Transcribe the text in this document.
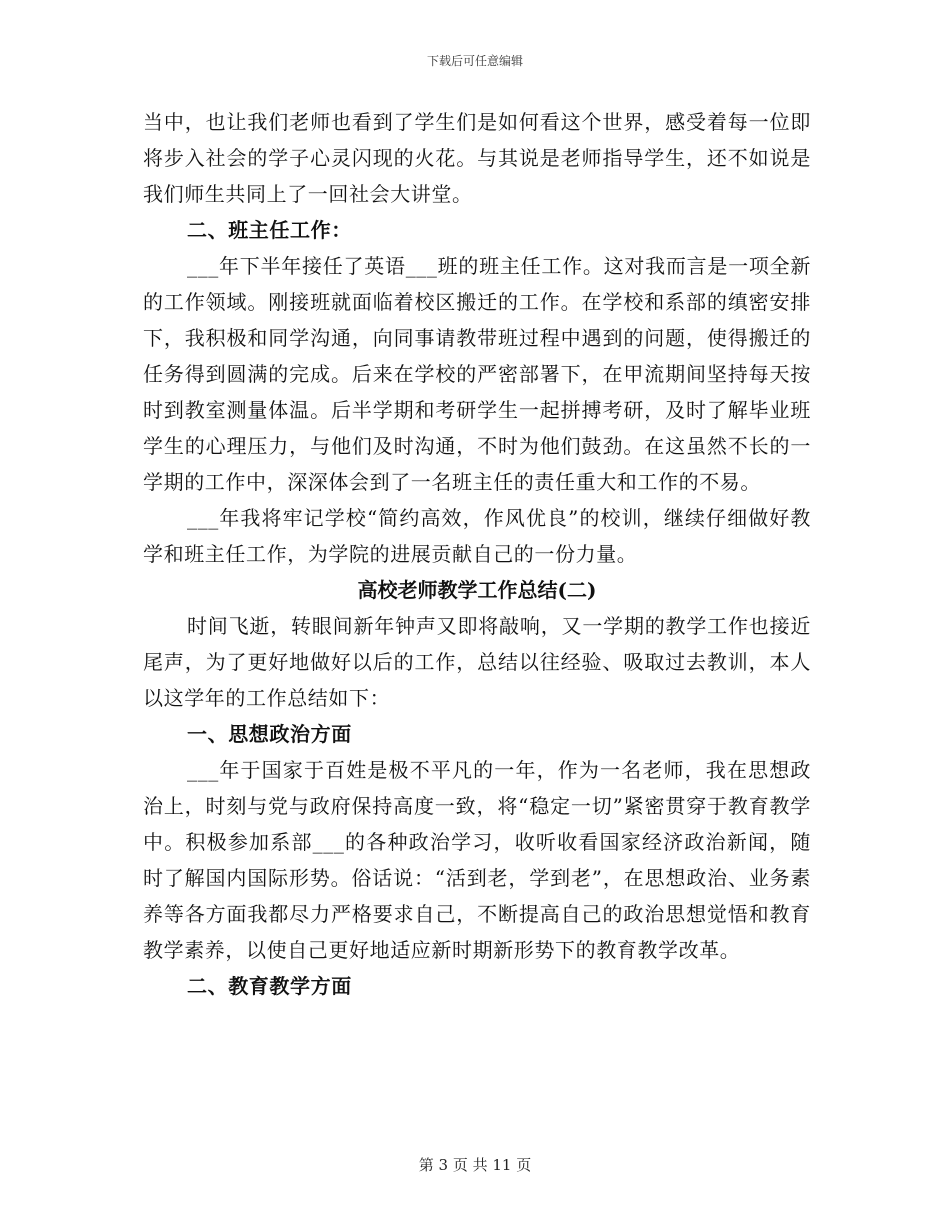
下载后可任意编辑

当中，也让我们老师也看到了学生们是如何看这个世界，感受着每一位即将步入社会的学子心灵闪现的火花。与其说是老师指导学生，还不如说是我们师生共同上了一回社会大讲堂。

二、班主任工作：

___年下半年接任了英语___班的班主任工作。这对我而言是一项全新的工作领域。刚接班就面临着校区搬迁的工作。在学校和系部的缜密安排下，我积极和同学沟通，向同事请教带班过程中遇到的问题，使得搬迁的任务得到圆满的完成。后来在学校的严密部署下，在甲流期间坚持每天按时到教室测量体温。后半学期和考研学生一起拼搏考研，及时了解毕业班学生的心理压力，与他们及时沟通，不时为他们鼓劲。在这虽然不长的一学期的工作中，深深体会到了一名班主任的责任重大和工作的不易。

___年我将牢记学校“简约高效，作风优良”的校训，继续仔细做好教学和班主任工作，为学院的进展贡献自己的一份力量。

高校老师教学工作总结(二)

时间飞逝，转眼间新年钟声又即将敲响，又一学期的教学工作也接近尾声，为了更好地做好以后的工作，总结以往经验、吸取过去教训，本人以这学年的工作总结如下：

一、思想政治方面

___年于国家于百姓是极不平凡的一年，作为一名老师，我在思想政治上，时刻与党与政府保持高度一致，将“稳定一切”紧密贯穿于教育教学中。积极参加系部___的各种政治学习，收听收看国家经济政治新闻，随时了解国内国际形势。俗话说：“活到老，学到老”，在思想政治、业务素养等各方面我都尽力严格要求自己，不断提高自己的政治思想觉悟和教育教学素养，以使自己更好地适应新时期新形势下的教育教学改革。

二、教育教学方面

第 3 页 共 11 页
